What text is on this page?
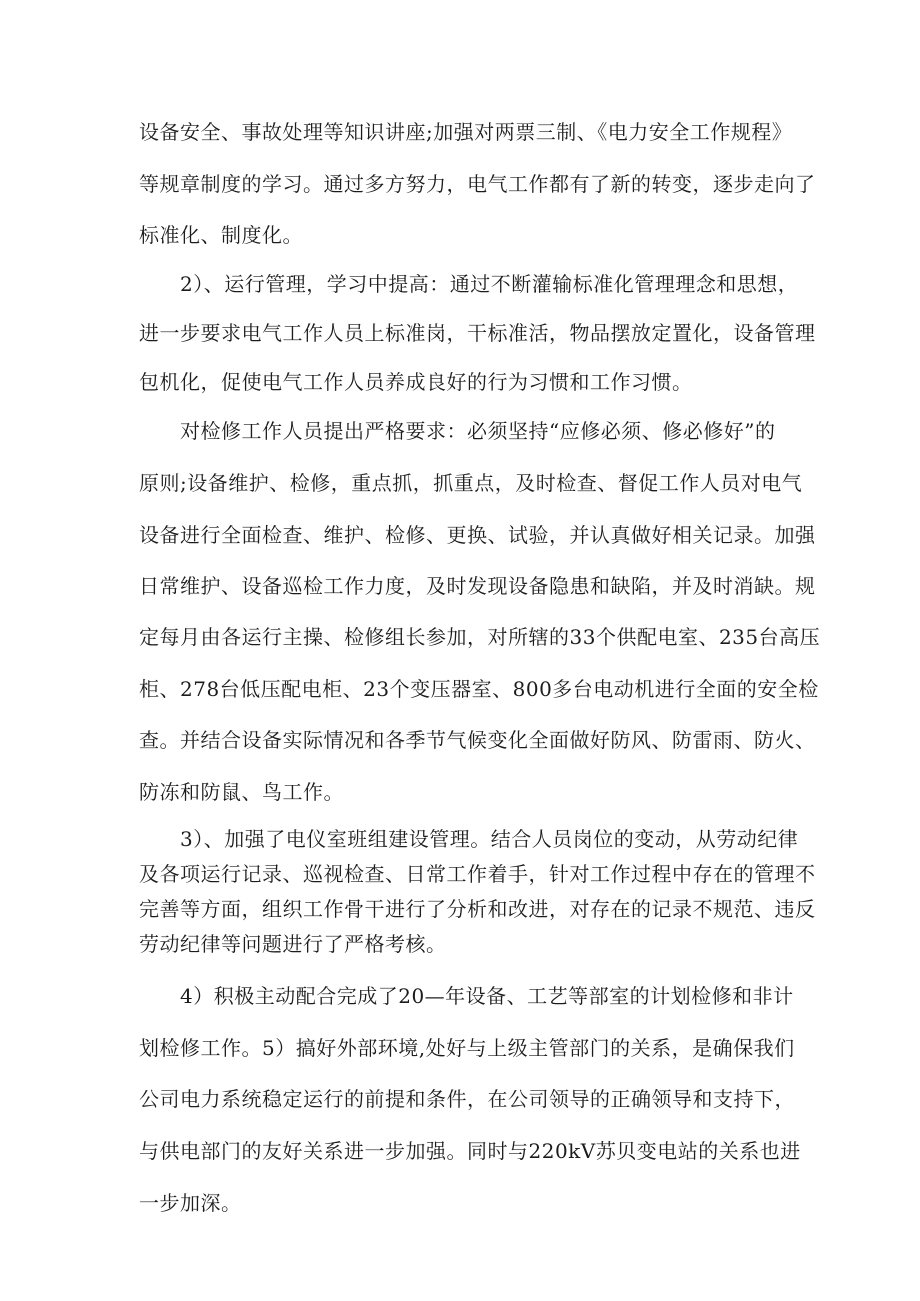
设备安全、事故处理等知识讲座;加强对两票三制、《电力安全工作规程》
等规章制度的学习。通过多方努力，电气工作都有了新的转变，逐步走向了
标准化、制度化。
2）、运行管理，学习中提高：通过不断灌输标准化管理理念和思想，
进一步要求电气工作人员上标准岗，干标准活，物品摆放定置化，设备管理
包机化，促使电气工作人员养成良好的行为习惯和工作习惯。
对检修工作人员提出严格要求：必须坚持“应修必须、修必修好”的
原则;设备维护、检修，重点抓，抓重点，及时检查、督促工作人员对电气
设备进行全面检查、维护、检修、更换、试验，并认真做好相关记录。加强
日常维护、设备巡检工作力度，及时发现设备隐患和缺陷，并及时消缺。规
定每月由各运行主操、检修组长参加，对所辖的33个供配电室、235台高压
柜、278台低压配电柜、23个变压器室、800多台电动机进行全面的安全检
查。并结合设备实际情况和各季节气候变化全面做好防风、防雷雨、防火、
防冻和防鼠、鸟工作。
3）、加强了电仪室班组建设管理。结合人员岗位的变动，从劳动纪律
及各项运行记录、巡视检查、日常工作着手，针对工作过程中存在的管理不
完善等方面，组织工作骨干进行了分析和改进，对存在的记录不规范、违反
劳动纪律等问题进行了严格考核。
4）积极主动配合完成了20—年设备、工艺等部室的计划检修和非计
划检修工作。5）搞好外部环境,处好与上级主管部门的关系，是确保我们
公司电力系统稳定运行的前提和条件，在公司领导的正确领导和支持下，
与供电部门的友好关系进一步加强。同时与220kV苏贝变电站的关系也进
一步加深。
